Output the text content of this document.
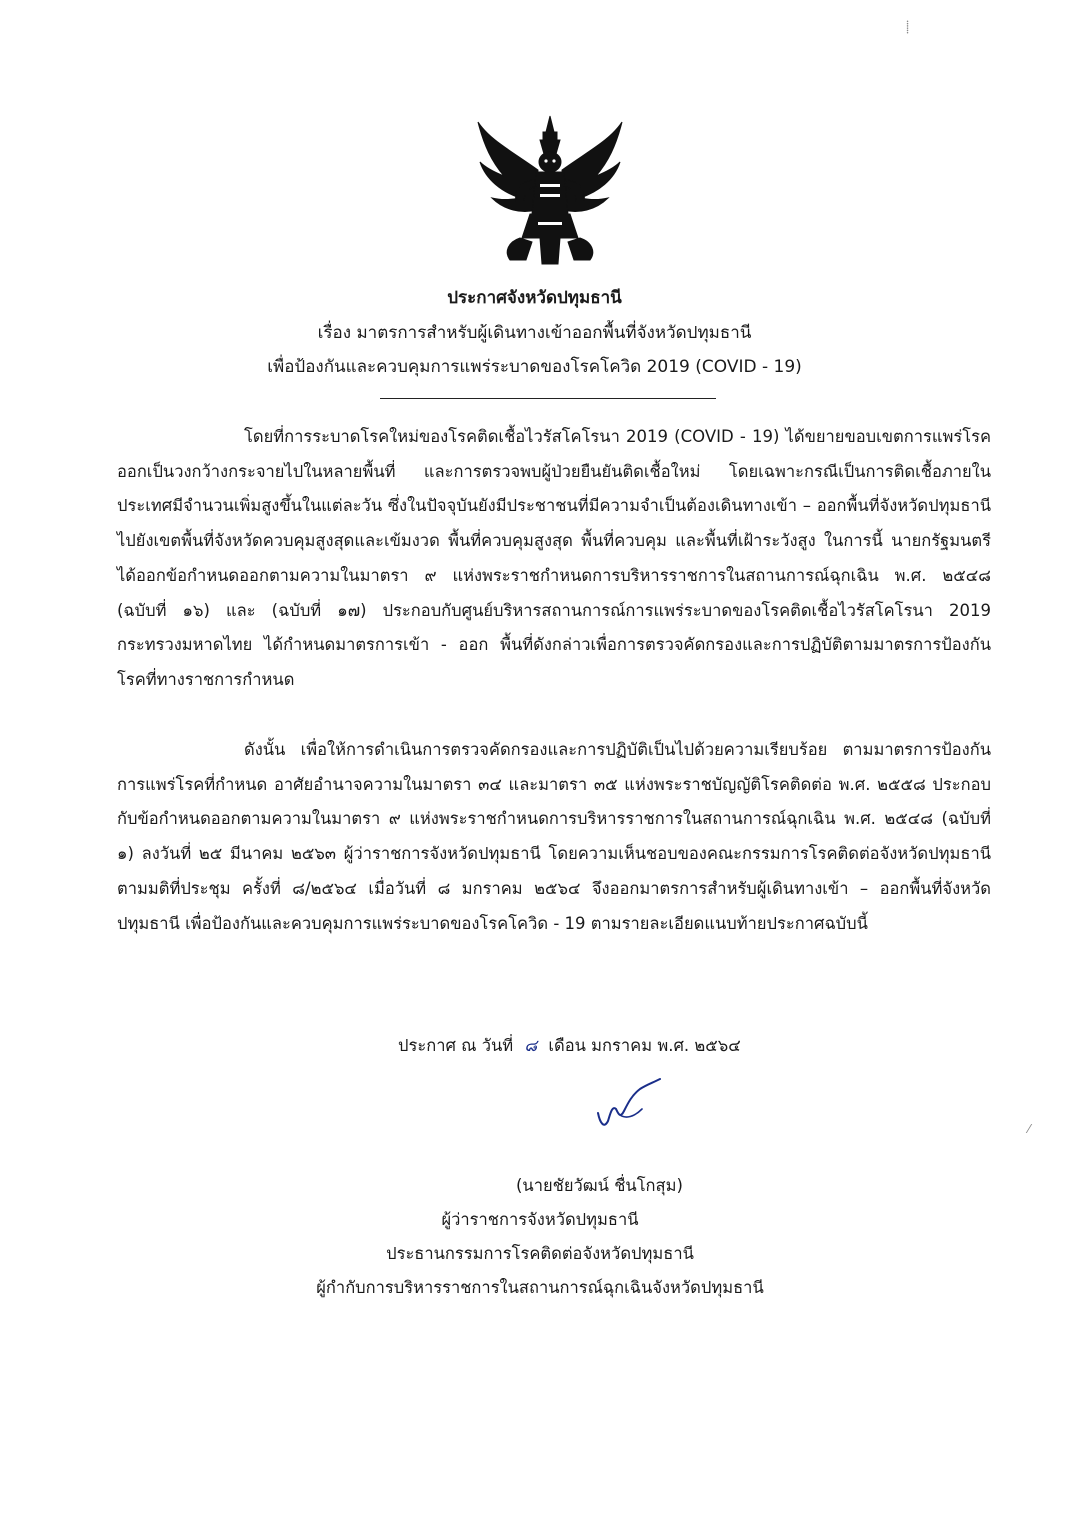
⸽
ประกาศจังหวัดปทุมธานี
เรื่อง มาตรการสำหรับผู้เดินทางเข้าออกพื้นที่จังหวัดปทุมธานี
เพื่อป้องกันและควบคุมการแพร่ระบาดของโรคโควิด 2019 (COVID - 19)
โดยที่การระบาดโรคใหม่ของโรคติดเชื้อไวรัสโคโรนา 2019 (COVID - 19) ได้ขยายขอบเขตการแพร่โรคออกเป็นวงกว้างกระจายไปในหลายพื้นที่ และการตรวจพบผู้ป่วยยืนยันติดเชื้อใหม่ โดยเฉพาะกรณีเป็นการติดเชื้อภายในประเทศมีจำนวนเพิ่มสูงขึ้นในแต่ละวัน ซึ่งในปัจจุบันยังมีประชาชนที่มีความจำเป็นต้องเดินทางเข้า – ออกพื้นที่จังหวัดปทุมธานีไปยังเขตพื้นที่จังหวัดควบคุมสูงสุดและเข้มงวด พื้นที่ควบคุมสูงสุด พื้นที่ควบคุม และพื้นที่เฝ้าระวังสูง ในการนี้ นายกรัฐมนตรีได้ออกข้อกำหนดออกตามความในมาตรา ๙ แห่งพระราชกำหนดการบริหารราชการในสถานการณ์ฉุกเฉิน พ.ศ. ๒๕๔๘ (ฉบับที่ ๑๖) และ (ฉบับที่ ๑๗) ประกอบกับศูนย์บริหารสถานการณ์การแพร่ระบาดของโรคติดเชื้อไวรัสโคโรนา 2019 กระทรวงมหาดไทย ได้กำหนดมาตรการเข้า - ออก พื้นที่ดังกล่าวเพื่อการตรวจคัดกรองและการปฏิบัติตามมาตรการป้องกันโรคที่ทางราชการกำหนด
ดังนั้น เพื่อให้การดำเนินการตรวจคัดกรองและการปฏิบัติเป็นไปด้วยความเรียบร้อย ตามมาตรการป้องกันการแพร่โรคที่กำหนด อาศัยอำนาจความในมาตรา ๓๔ และมาตรา ๓๕ แห่งพระราชบัญญัติโรคติดต่อ พ.ศ. ๒๕๕๘ ประกอบกับข้อกำหนดออกตามความในมาตรา ๙ แห่งพระราชกำหนดการบริหารราชการในสถานการณ์ฉุกเฉิน พ.ศ. ๒๕๔๘ (ฉบับที่ ๑) ลงวันที่ ๒๕ มีนาคม ๒๕๖๓ ผู้ว่าราชการจังหวัดปทุมธานี โดยความเห็นชอบของคณะกรรมการโรคติดต่อจังหวัดปทุมธานี ตามมติที่ประชุม ครั้งที่ ๘/๒๕๖๔ เมื่อวันที่ ๘ มกราคม ๒๕๖๔ จึงออกมาตรการสำหรับผู้เดินทางเข้า – ออกพื้นที่จังหวัดปทุมธานี เพื่อป้องกันและควบคุมการแพร่ระบาดของโรคโควิด - 19 ตามรายละเอียดแนบท้ายประกาศฉบับนี้
ประกาศ ณ วันที่ ๘ เดือน มกราคม พ.ศ. ๒๕๖๔
(นายชัยวัฒน์ ชื่นโกสุม)
ผู้ว่าราชการจังหวัดปทุมธานี
ประธานกรรมการโรคติดต่อจังหวัดปทุมธานี
ผู้กำกับการบริหารราชการในสถานการณ์ฉุกเฉินจังหวัดปทุมธานี
⁄
